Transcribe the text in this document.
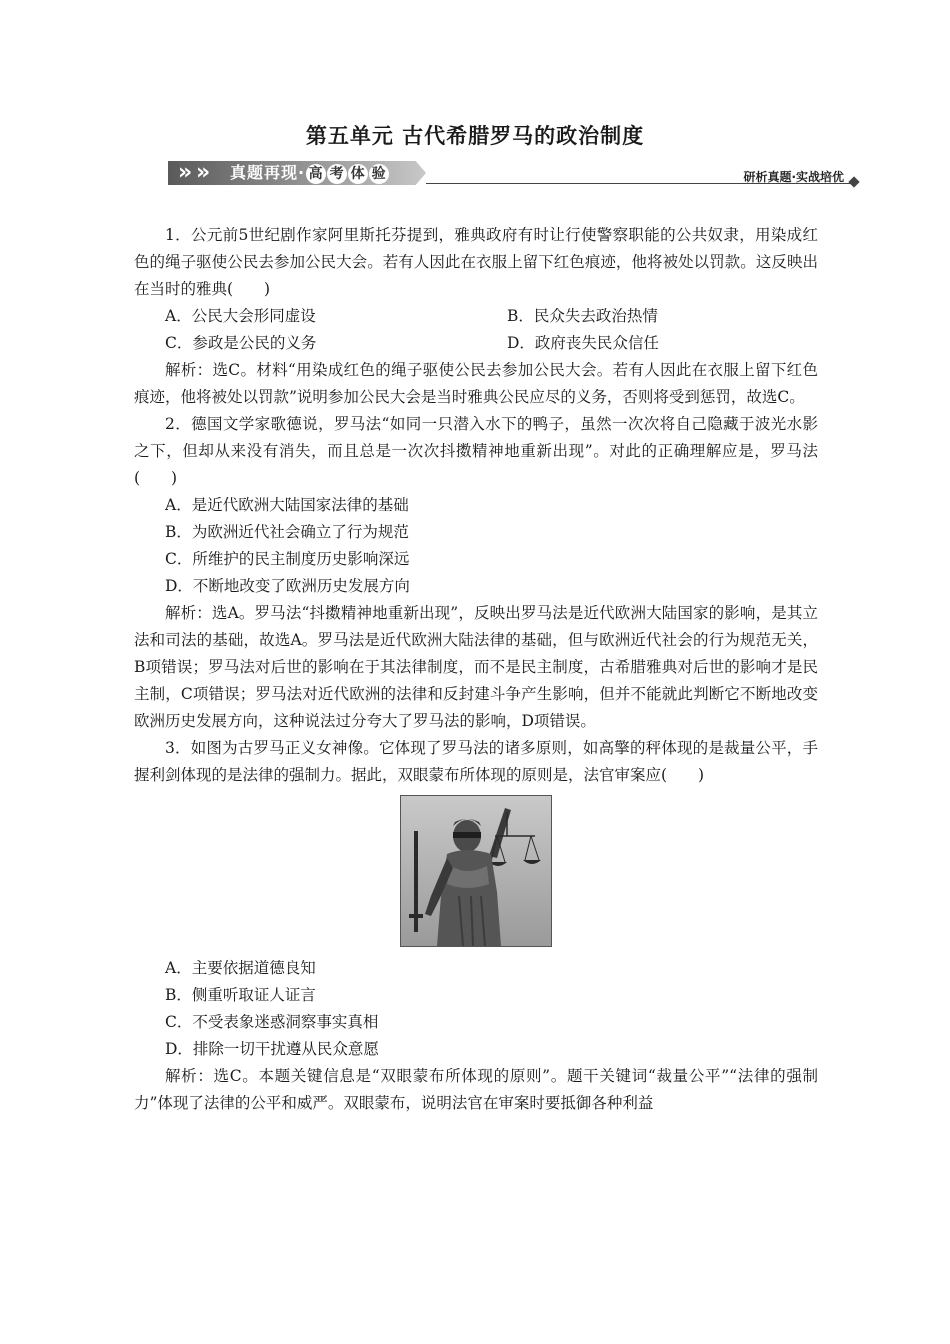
第五单元 古代希腊罗马的政治制度
» » 真题再现· 高 考 体 验	研析真题·实战培优

1．公元前5世纪剧作家阿里斯托芬提到，雅典政府有时让行使警察职能的公共奴隶，用染成红色的绳子驱使公民去参加公民大会。若有人因此在衣服上留下红色痕迹，他将被处以罚款。这反映出在当时的雅典(　　)

A．公民大会形同虚设	B．民众失去政治热情
C．参政是公民的义务	D．政府丧失民众信任

解析：选C。材料“用染成红色的绳子驱使公民去参加公民大会。若有人因此在衣服上留下红色痕迹，他将被处以罚款”说明参加公民大会是当时雅典公民应尽的义务，否则将受到惩罚，故选C。

2．德国文学家歌德说，罗马法“如同一只潜入水下的鸭子，虽然一次次将自己隐藏于波光水影之下，但却从来没有消失，而且总是一次次抖擞精神地重新出现”。对此的正确理解应是，罗马法(　　)

A．是近代欧洲大陆国家法律的基础
B．为欧洲近代社会确立了行为规范
C．所维护的民主制度历史影响深远
D．不断地改变了欧洲历史发展方向

解析：选A。罗马法“抖擞精神地重新出现”，反映出罗马法是近代欧洲大陆国家的影响，是其立法和司法的基础，故选A。罗马法是近代欧洲大陆法律的基础，但与欧洲近代社会的行为规范无关，B项错误；罗马法对后世的影响在于其法律制度，而不是民主制度，古希腊雅典对后世的影响才是民主制，C项错误；罗马法对近代欧洲的法律和反封建斗争产生影响，但并不能就此判断它不断地改变欧洲历史发展方向，这种说法过分夸大了罗马法的影响，D项错误。

3．如图为古罗马正义女神像。它体现了罗马法的诸多原则，如高擎的秤体现的是裁量公平，手握利剑体现的是法律的强制力。据此，双眼蒙布所体现的原则是，法官审案应(　　)

A．主要依据道德良知
B．侧重听取证人证言
C．不受表象迷惑洞察事实真相
D．排除一切干扰遵从民众意愿

解析：选C。本题关键信息是“双眼蒙布所体现的原则”。题干关键词“裁量公平”“法律的强制力”体现了法律的公平和威严。双眼蒙布，说明法官在审案时要抵御各种利益
